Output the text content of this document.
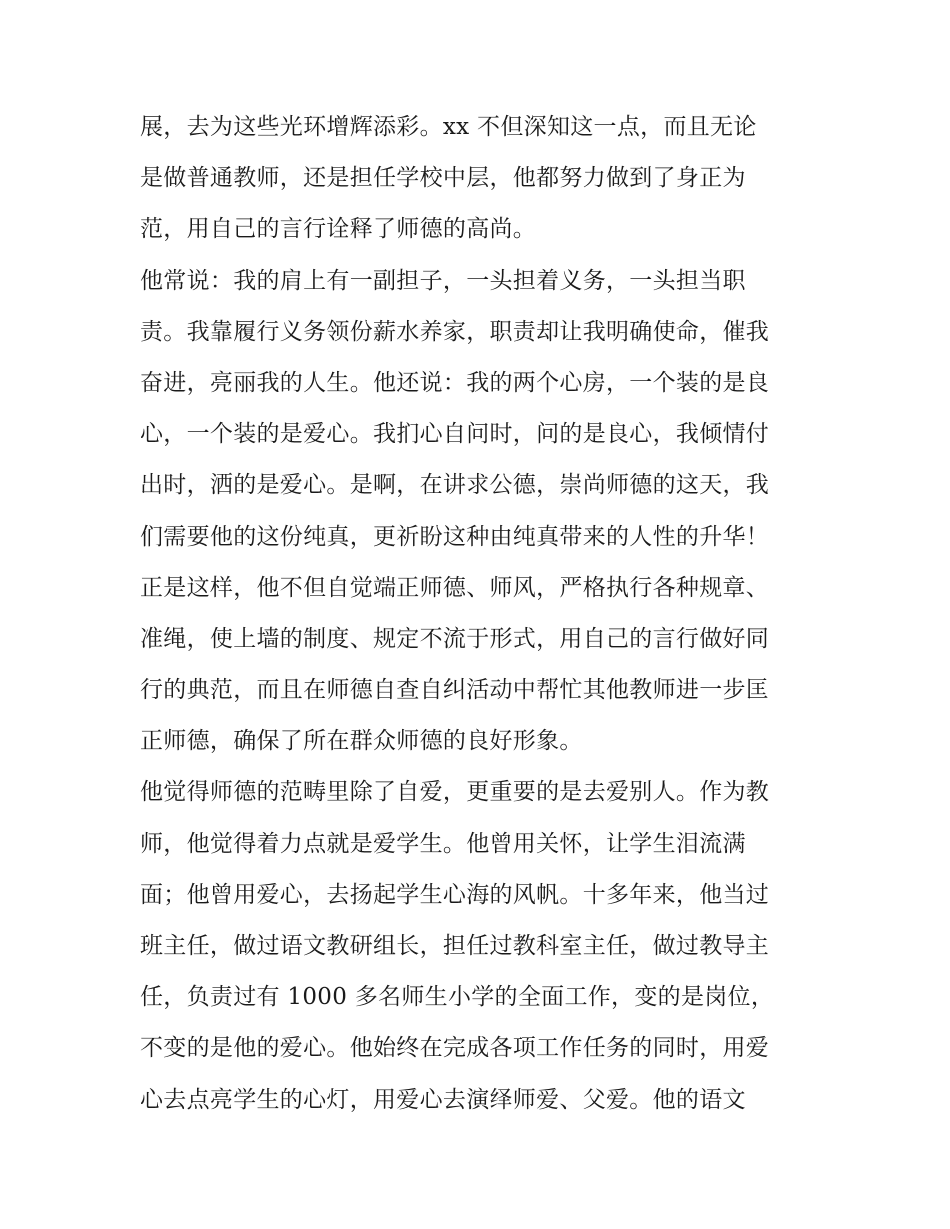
展，去为这些光环增辉添彩。xx 不但深知这一点，而且无论
是做普通教师，还是担任学校中层，他都努力做到了身正为
范，用自己的言行诠释了师德的高尚。
他常说：我的肩上有一副担子，一头担着义务，一头担当职
责。我靠履行义务领份薪水养家，职责却让我明确使命，催我
奋进，亮丽我的人生。他还说：我的两个心房，一个装的是良
心，一个装的是爱心。我扪心自问时，问的是良心，我倾情付
出时，洒的是爱心。是啊，在讲求公德，崇尚师德的这天，我
们需要他的这份纯真，更祈盼这种由纯真带来的人性的升华！
正是这样，他不但自觉端正师德、师风，严格执行各种规章、
准绳，使上墙的制度、规定不流于形式，用自己的言行做好同
行的典范，而且在师德自查自纠活动中帮忙其他教师进一步匡
正师德，确保了所在群众师德的良好形象。
他觉得师德的范畴里除了自爱，更重要的是去爱别人。作为教
师，他觉得着力点就是爱学生。他曾用关怀，让学生泪流满
面；他曾用爱心，去扬起学生心海的风帆。十多年来，他当过
班主任，做过语文教研组长，担任过教科室主任，做过教导主
任，负责过有 1000 多名师生小学的全面工作，变的是岗位，
不变的是他的爱心。他始终在完成各项工作任务的同时，用爱
心去点亮学生的心灯，用爱心去演绎师爱、父爱。他的语文
